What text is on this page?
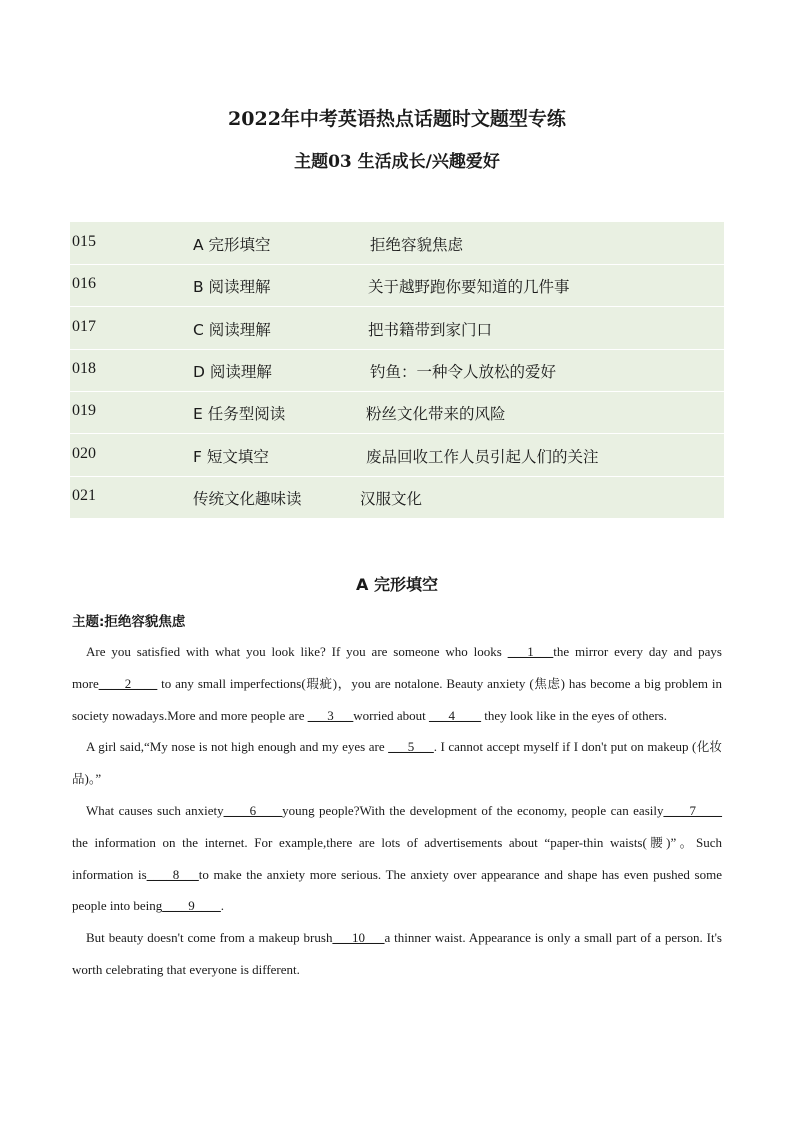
2022年中考英语热点话题时文题型专练
主题03 生活成长/兴趣爱好
015	A 完形填空	拒绝容貌焦虑
016	B 阅读理解	关于越野跑你要知道的几件事
017	C 阅读理解	把书籍带到家门口
018	D 阅读理解	钓鱼：一种令人放松的爱好
019	E 任务型阅读	粉丝文化带来的风险
020	F 短文填空	废品回收工作人员引起人们的关注
021	传统文化趣味读	汉服文化
A 完形填空
主题:拒绝容貌焦虑

Are you satisfied with what you look like? If you are someone who looks ___1___the mirror every day and pays more____2____ to any small imperfections(瑕疵)，you are notalone. Beauty anxiety (焦虑) has become a big problem in society nowadays.More and more people are ___3___worried about ___4____ they look like in the eyes of others.

A girl said,“My nose is not high enough and my eyes are ___5___. I cannot accept myself if I don't put on makeup (化妆品)。”

What causes such anxiety____6____young people?With the development of the economy, people can easily____7____ the information on the internet. For example,there are lots of advertisements about “paper-thin waists(腰)”。Such information is____8___to make the anxiety more serious. The anxiety over appearance and shape has even pushed some people into being____9____.

But beauty doesn't come from a makeup brush___10___a thinner waist. Appearance is only a small part of a person. It's worth celebrating that everyone is different.
